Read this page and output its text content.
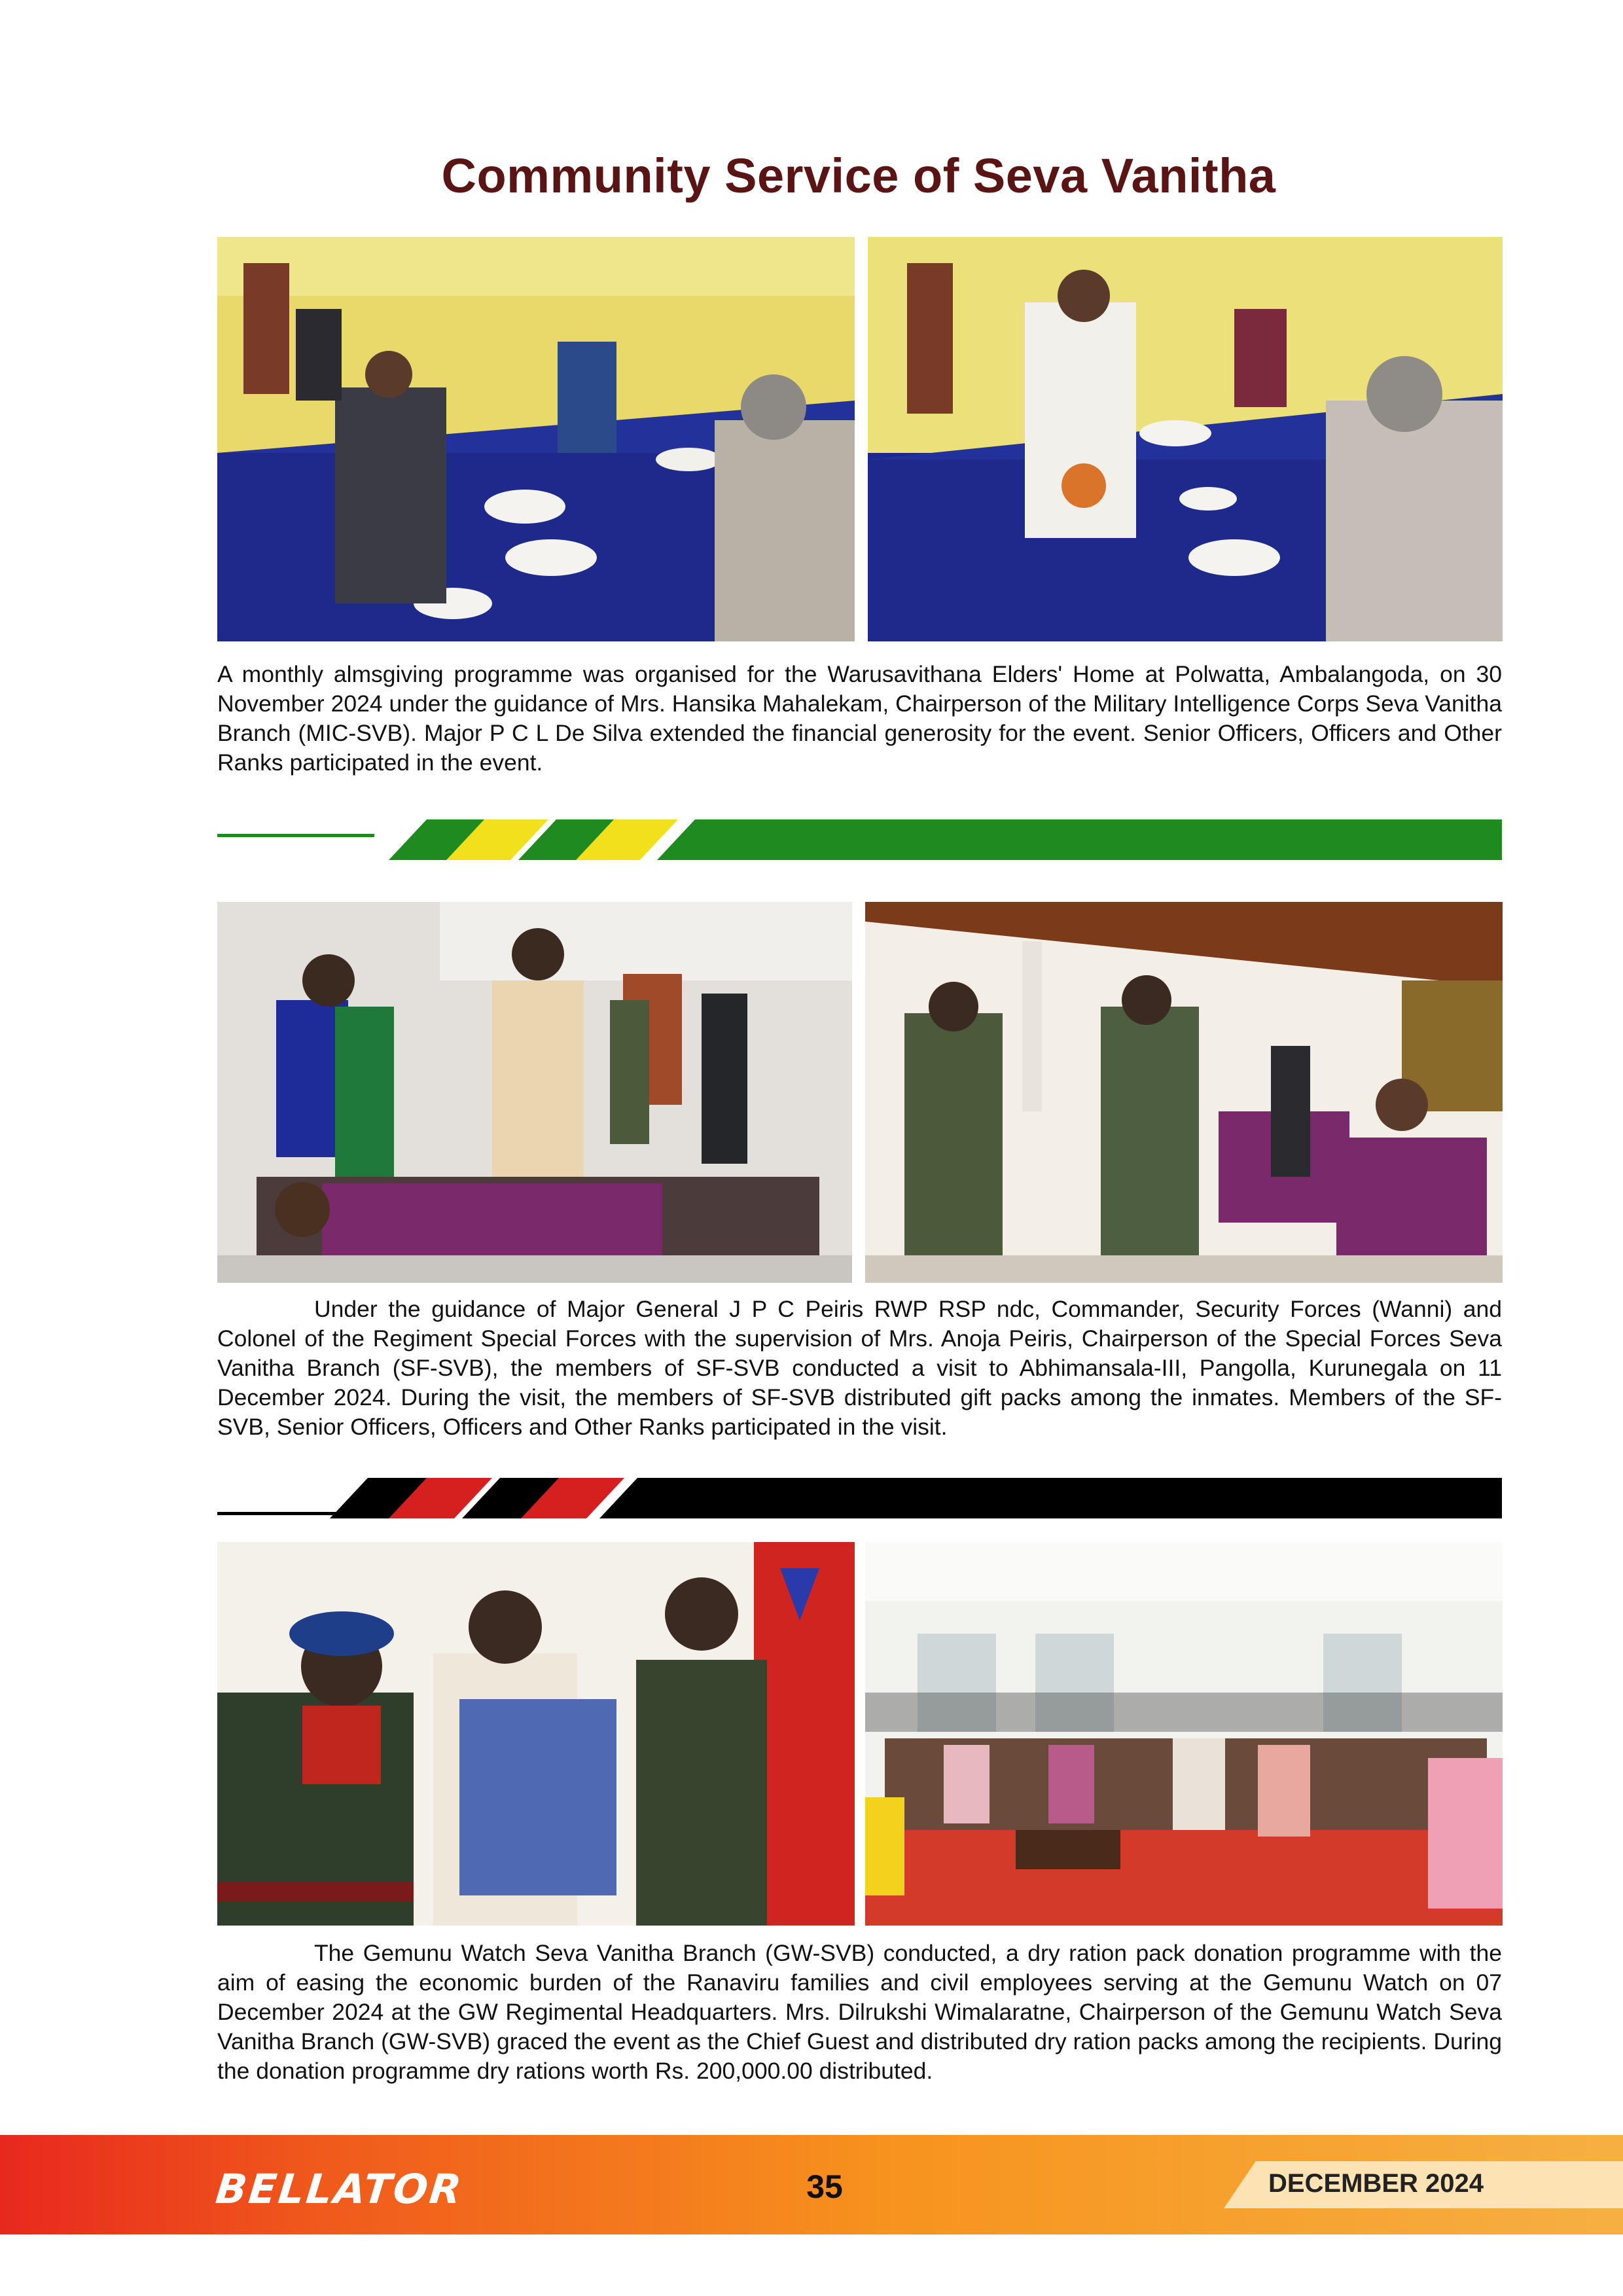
Community Service of Seva Vanitha
A monthly almsgiving programme was organised for the Warusavithana Elders' Home at Polwatta, Ambalangoda, on 30 November 2024 under the guidance of Mrs. Hansika Mahalekam, Chairperson of the Military Intelligence Corps Seva Vanitha Branch (MIC-SVB). Major P C L De Silva extended the financial generosity for the event. Senior Officers, Officers and Other Ranks participated in the event.
Under the guidance of Major General J P C Peiris RWP RSP ndc, Commander, Security Forces (Wanni) and Colonel of the Regiment Special Forces with the supervision of Mrs. Anoja Peiris, Chairperson of the Special Forces Seva Vanitha Branch (SF-SVB), the members of SF-SVB conducted a visit to Abhimansala-III, Pangolla, Kurunegala on 11 December 2024. During the visit, the members of SF-SVB distributed gift packs among the inmates. Members of the SF-SVB, Senior Officers, Officers and Other Ranks participated in the visit.
The Gemunu Watch Seva Vanitha Branch (GW-SVB) conducted, a dry ration pack donation programme with the aim of easing the economic burden of the Ranaviru families and civil employees serving at the Gemunu Watch on 07 December 2024 at the GW Regimental Headquarters. Mrs. Dilrukshi Wimalaratne, Chairperson of the Gemunu Watch Seva Vanitha Branch (GW-SVB) graced the event as the Chief Guest and distributed dry ration packs among the recipients. During the donation programme dry rations worth Rs. 200,000.00 distributed.
BELLATOR	35	DECEMBER 2024
